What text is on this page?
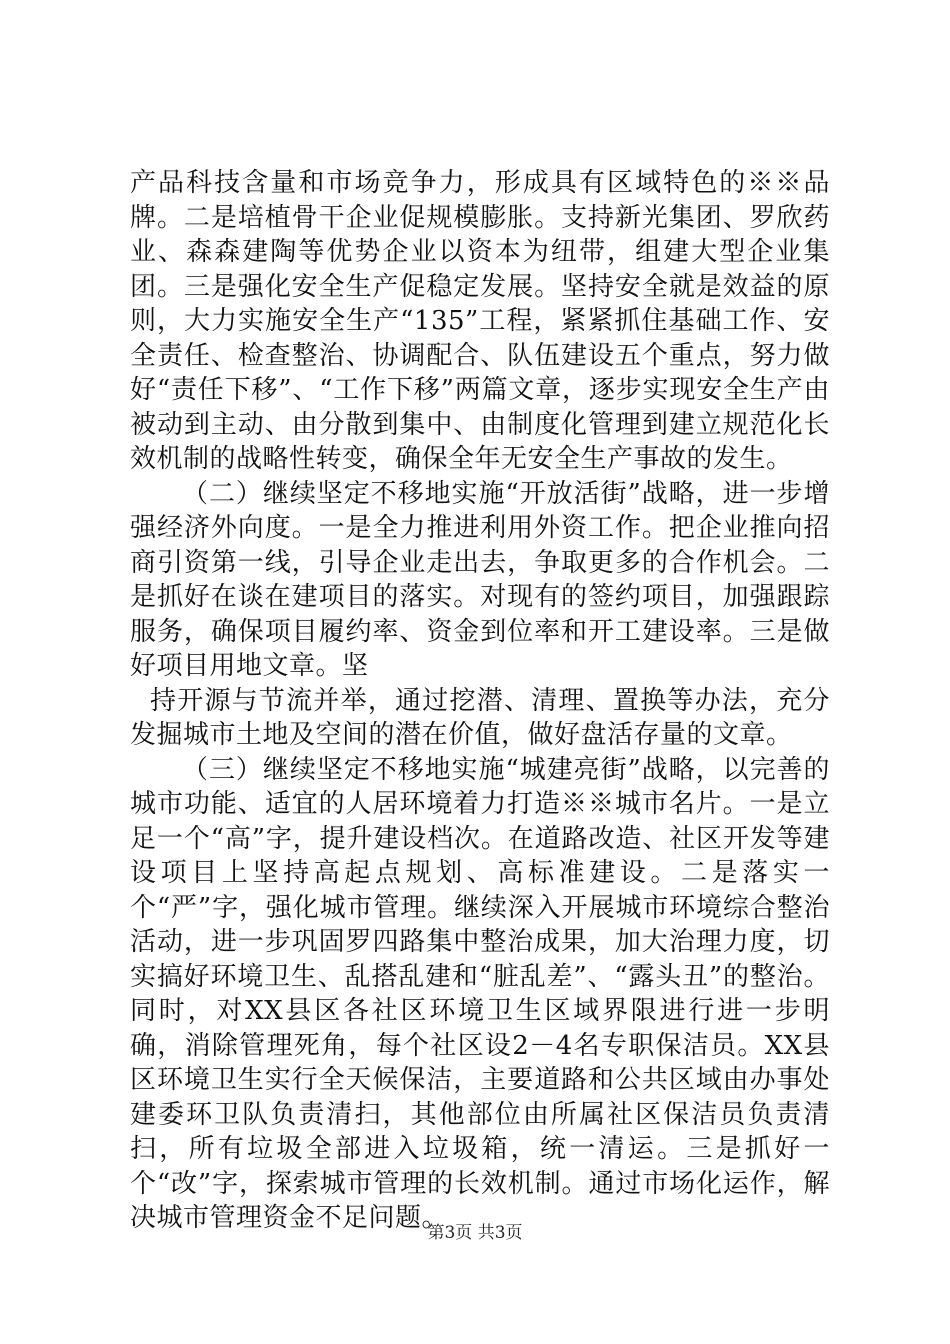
产品科技含量和市场竞争力，形成具有区域特色的※※品牌。二是培植骨干企业促规模膨胀。支持新光集团、罗欣药业、森森建陶等优势企业以资本为纽带，组建大型企业集团。三是强化安全生产促稳定发展。坚持安全就是效益的原则，大力实施安全生产“135”工程，紧紧抓住基础工作、安全责任、检查整治、协调配合、队伍建设五个重点，努力做好“责任下移”、“工作下移”两篇文章，逐步实现安全生产由被动到主动、由分散到集中、由制度化管理到建立规范化长效机制的战略性转变，确保全年无安全生产事故的发生。

（二）继续坚定不移地实施“开放活街”战略，进一步增强经济外向度。一是全力推进利用外资工作。把企业推向招商引资第一线，引导企业走出去，争取更多的合作机会。二是抓好在谈在建项目的落实。对现有的签约项目，加强跟踪服务，确保项目履约率、资金到位率和开工建设率。三是做好项目用地文章。坚

持开源与节流并举，通过挖潜、清理、置换等办法，充分发掘城市土地及空间的潜在价值，做好盘活存量的文章。

（三）继续坚定不移地实施“城建亮街”战略，以完善的城市功能、适宜的人居环境着力打造※※城市名片。一是立足一个“高”字，提升建设档次。在道路改造、社区开发等建设项目上坚持高起点规划、高标准建设。二是落实一个“严”字，强化城市管理。继续深入开展城市环境综合整治活动，进一步巩固罗四路集中整治成果，加大治理力度，切实搞好环境卫生、乱搭乱建和“脏乱差”、“露头丑”的整治。同时，对XX县区各社区环境卫生区域界限进行进一步明确，消除管理死角，每个社区设2－4名专职保洁员。XX县区环境卫生实行全天候保洁，主要道路和公共区域由办事处建委环卫队负责清扫，其他部位由所属社区保洁员负责清扫，所有垃圾全部进入垃圾箱，统一清运。三是抓好一个“改”字，探索城市管理的长效机制。通过市场化运作，解决城市管理资金不足问题。

第3页 共3页
